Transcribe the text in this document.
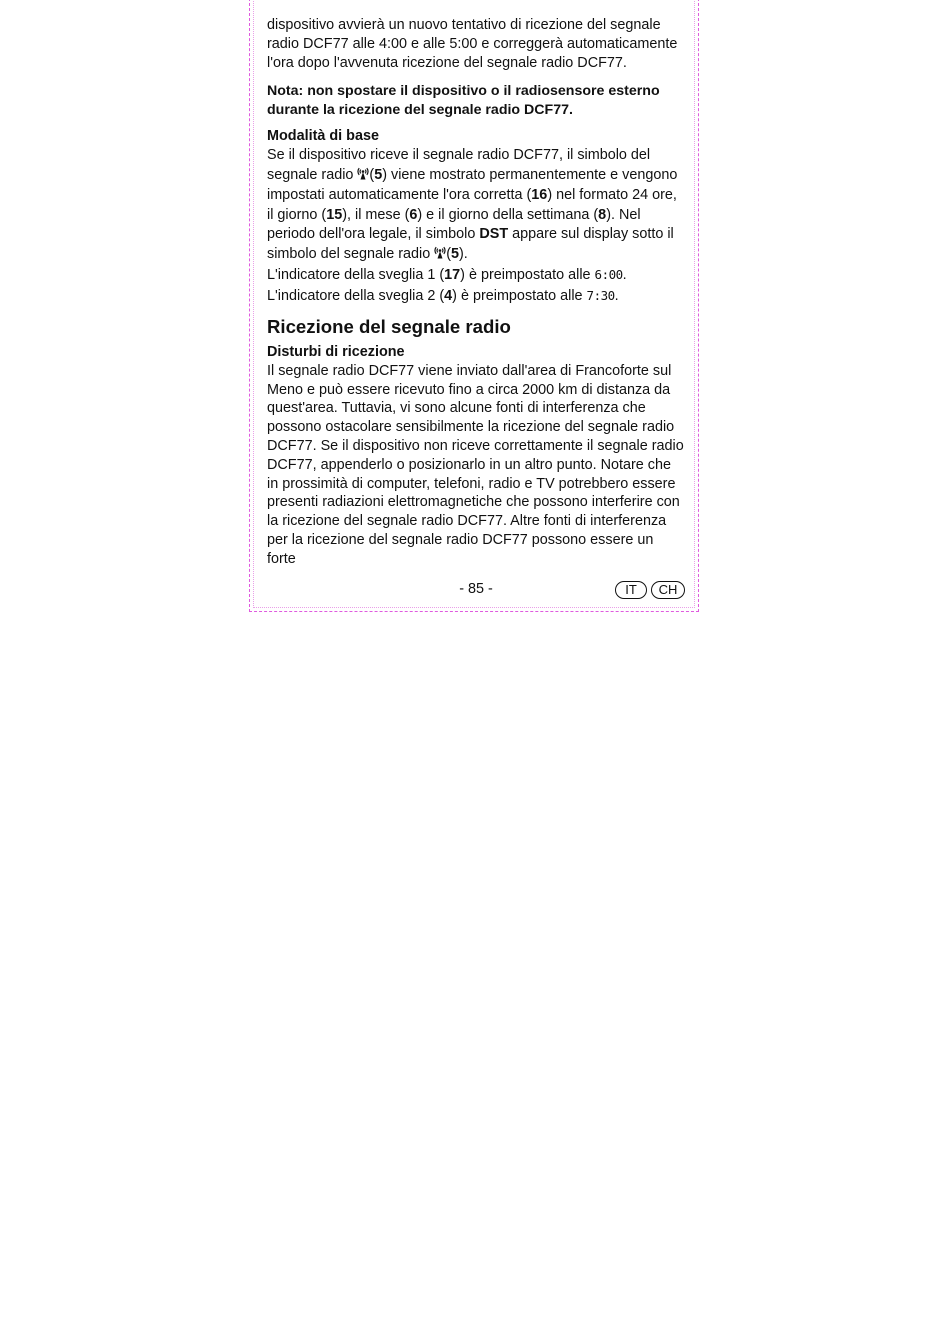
dispositivo avvierà un nuovo tentativo di ricezione del segnale radio DCF77 alle 4:00 e alle 5:00 e correggerà automaticamente l'ora dopo l'avvenuta ricezione del segnale radio DCF77.

Nota: non spostare il dispositivo o il radiosensore esterno durante la ricezione del segnale radio DCF77.

Modalità di base

Se il dispositivo riceve il segnale radio DCF77, il simbolo del segnale radio (5) viene mostrato permanentemente e vengono impostati automaticamente l'ora corretta (16) nel formato 24 ore, il giorno (15), il mese (6) e il giorno della settimana (8). Nel periodo dell'ora legale, il simbolo DST appare sul display sotto il simbolo del segnale radio (5).

L'indicatore della sveglia 1 (17) è preimpostato alle 6:00.

L'indicatore della sveglia 2 (4) è preimpostato alle 7:30.

Ricezione del segnale radio

Disturbi di ricezione

Il segnale radio DCF77 viene inviato dall'area di Francoforte sul Meno e può essere ricevuto fino a circa 2000 km di distanza da quest'area. Tuttavia, vi sono alcune fonti di interferenza che possono ostacolare sensibilmente la ricezione del segnale radio DCF77. Se il dispositivo non riceve correttamente il segnale radio DCF77, appenderlo o posizionarlo in un altro punto. Notare che in prossimità di computer, telefoni, radio e TV potrebbero essere presenti radiazioni elettromagnetiche che possono interferire con la ricezione del segnale radio DCF77. Altre fonti di interferenza per la ricezione del segnale radio DCF77 possono essere un forte

- 85 -	IT	CH
